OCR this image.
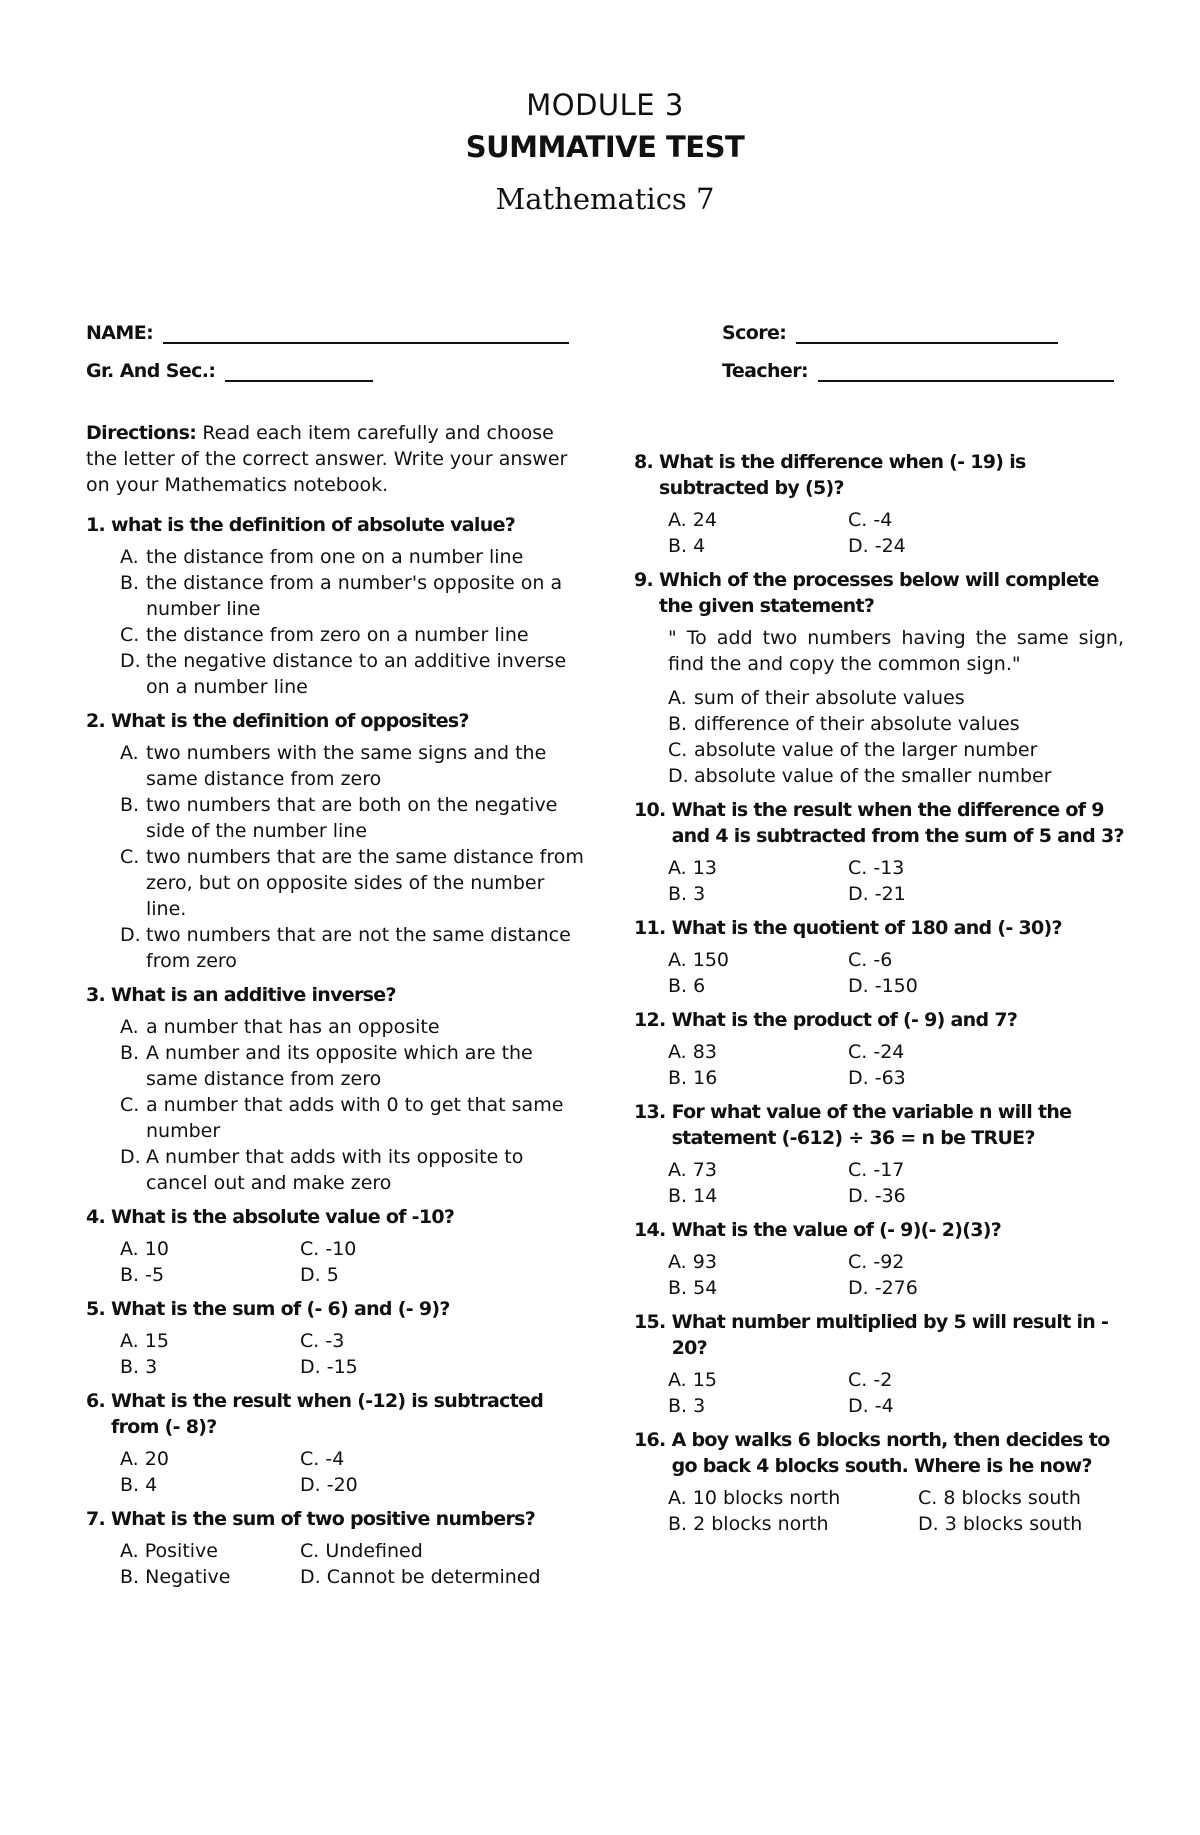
MODULE 3
SUMMATIVE TEST
Mathematics 7
NAME:	Score:
Gr. And Sec.:	Teacher:
Directions: Read each item carefully and choose the letter of the correct answer. Write your answer on your Mathematics notebook.
1. what is the definition of absolute value?
A. the distance from one on a number line
B. the distance from a number's opposite on a number line
C. the distance from zero on a number line
D. the negative distance to an additive inverse on a number line
2. What is the definition of opposites?
A. two numbers with the same signs and the same distance from zero
B. two numbers that are both on the negative side of the number line
C. two numbers that are the same distance from zero, but on opposite sides of the number line.
D. two numbers that are not the same distance from zero
3. What is an additive inverse?
A. a number that has an opposite
B. A number and its opposite which are the same distance from zero
C. a number that adds with 0 to get that same number
D. A number that adds with its opposite to cancel out and make zero
4. What is the absolute value of -10?
A. 10	C. -10
B. -5	D. 5
5. What is the sum of (- 6) and (- 9)?
A. 15	C. -3
B. 3	D. -15
6. What is the result when (-12) is subtracted from (- 8)?
A. 20	C. -4
B. 4	D. -20
7. What is the sum of two positive numbers?
A. Positive	C. Undefined
B. Negative	D. Cannot be determined
8. What is the difference when (- 19) is subtracted by (5)?
A. 24	C. -4
B. 4	D. -24
9. Which of the processes below will complete the given statement?
" To add two numbers having the same sign, find the and copy the common sign."
A. sum of their absolute values
B. difference of their absolute values
C. absolute value of the larger number
D. absolute value of the smaller number
10. What is the result when the difference of 9 and 4 is subtracted from the sum of 5 and 3?
A. 13	C. -13
B. 3	D. -21
11. What is the quotient of 180 and (- 30)?
A. 150	C. -6
B. 6	D. -150
12. What is the product of (- 9) and 7?
A. 83	C. -24
B. 16	D. -63
13. For what value of the variable n will the statement (-612) ÷ 36 = n be TRUE?
A. 73	C. -17
B. 14	D. -36
14. What is the value of (- 9)(- 2)(3)?
A. 93	C. -92
B. 54	D. -276
15. What number multiplied by 5 will result in - 20?
A. 15	C. -2
B. 3	D. -4
16. A boy walks 6 blocks north, then decides to go back 4 blocks south. Where is he now?
A. 10 blocks north	C. 8 blocks south
B. 2 blocks north	D. 3 blocks south
